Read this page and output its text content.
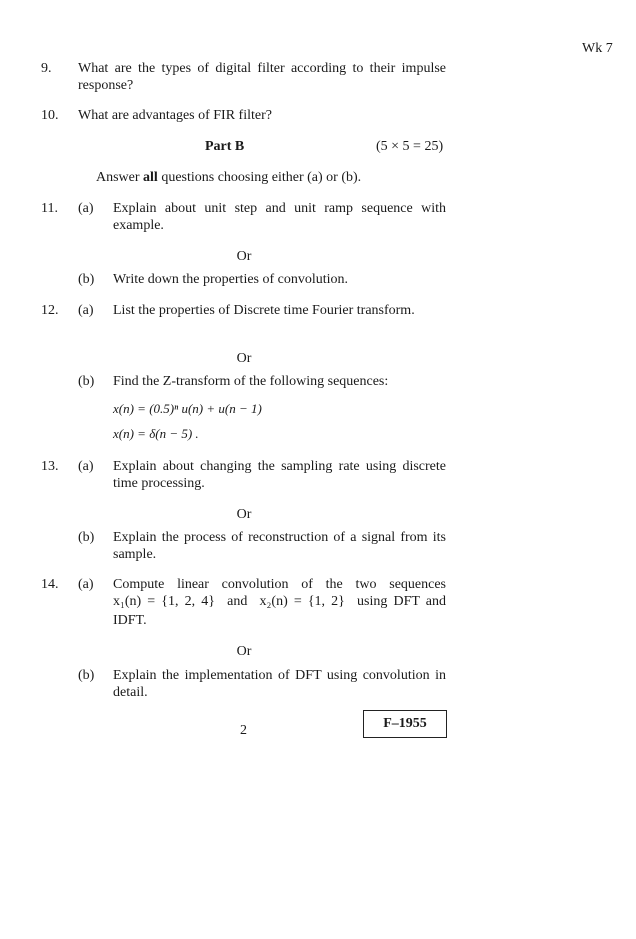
Wk 7
9. What are the types of digital filter according to their impulse response?
10. What are advantages of FIR filter?
Part B	(5 × 5 = 25)
Answer all questions choosing either (a) or (b).
11. (a) Explain about unit step and unit ramp sequence with example.
Or
(b) Write down the properties of convolution.
12. (a) List the properties of Discrete time Fourier transform.
Or
(b) Find the Z-transform of the following sequences:
x(n) = (0.5)ⁿ u(n) + u(n − 1)
x(n) = δ(n − 5) .
13. (a) Explain about changing the sampling rate using discrete time processing.
Or
(b) Explain the process of reconstruction of a signal from its sample.
14. (a) Compute linear convolution of the two sequences
x₁(n) = {1, 2, 4}  and  x₂(n) = {1, 2}  using DFT and
IDFT.
Or
(b) Explain the implementation of DFT using convolution in detail.
2	F–1955
